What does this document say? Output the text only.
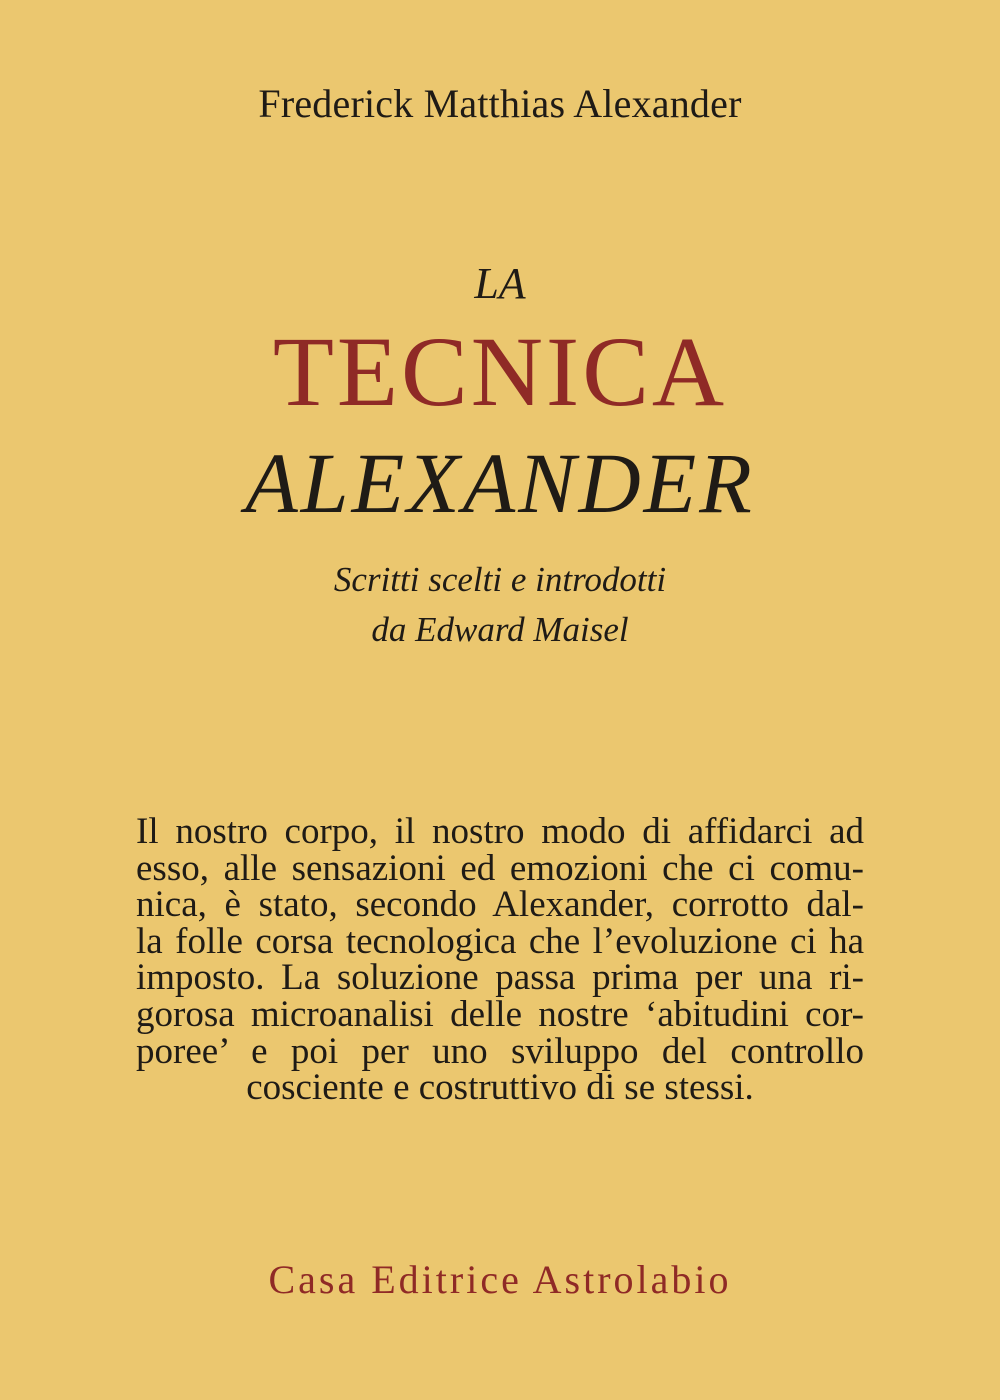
Frederick Matthias Alexander
LA
TECNICA
ALEXANDER
Scritti scelti e introdotti
da Edward Maisel
Il nostro corpo, il nostro modo di affidarci ad
esso, alle sensazioni ed emozioni che ci comu-
nica, è stato, secondo Alexander, corrotto dal-
la folle corsa tecnologica che l’evoluzione ci ha
imposto. La soluzione passa prima per una ri-
gorosa microanalisi delle nostre ‘abitudini cor-
poree’ e poi per uno sviluppo del controllo
cosciente e costruttivo di se stessi.
Casa Editrice Astrolabio
